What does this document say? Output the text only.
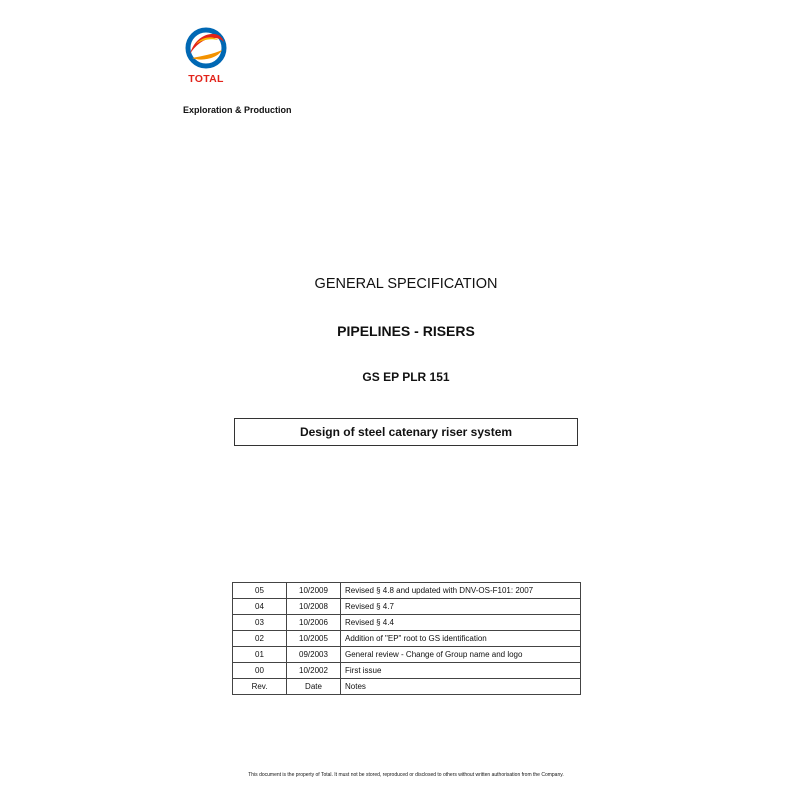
TOTAL
Exploration & Production
GENERAL SPECIFICATION
PIPELINES - RISERS
GS EP PLR 151
Design of steel catenary riser system
05	10/2009	Revised § 4.8 and updated with DNV-OS-F101: 2007
04	10/2008	Revised § 4.7
03	10/2006	Revised § 4.4
02	10/2005	Addition of "EP" root to GS identification
01	09/2003	General review - Change of Group name and logo
00	10/2002	First issue
Rev.	Date	Notes
This document is the property of Total. It must not be stored, reproduced or disclosed to others without written authorisation from the Company.
